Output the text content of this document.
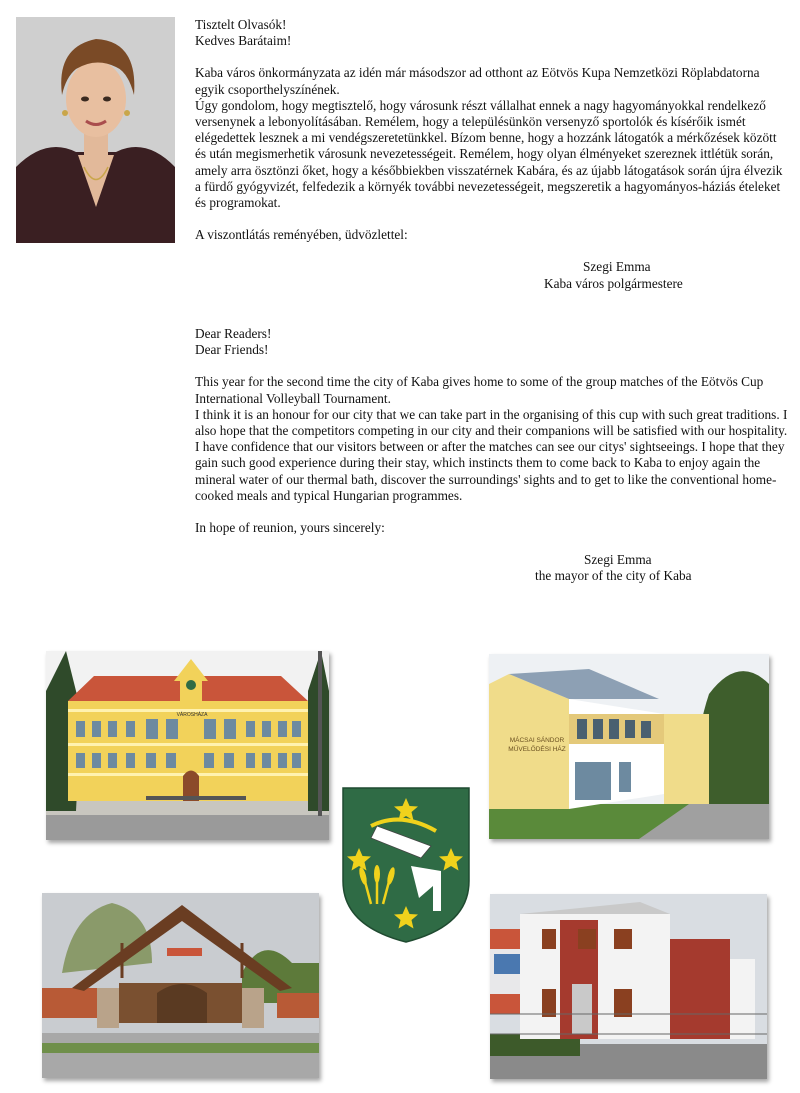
Tisztelt Olvasók!

Kedves Barátaim!

Kaba város önkormányzata az idén már másodszor ad otthont az Eötvös Kupa Nemzetközi Röplabdatorna egyik csoporthelyszínének.

Úgy gondolom, hogy megtisztelő, hogy városunk részt vállalhat ennek a nagy hagyományokkal rendelkező versenynek a lebonyolításában. Remélem, hogy a településünkön versenyző sportolók és kísérőik ismét elégedettek lesznek a mi vendégszeretetünkkel. Bízom benne, hogy a hozzánk látogatók a mérkőzések között és után megismerhetik városunk nevezetességeit. Remélem, hogy olyan élményeket szereznek ittlétük során, amely arra ösztönzi őket, hogy a későbbiekben visszatérnek Kabára, és az újabb látogatások során újra élvezik a fürdő gyógyvizét, felfedezik a környék további nevezetességeit, megszeretik a hagyományos-háziás ételeket és programokat.

A viszontlátás reményében, üdvözlettel:

Szegi Emma

Kaba város polgármestere

Dear Readers!

Dear Friends!

This year for the second time the city of Kaba gives home to some of the group matches of the Eötvös Cup International Volleyball Tournament.

I think it is an honour for our city that we can take part in the organising of this cup with such great traditions. I also hope that the competitors competing in our city and their companions will be satisfied with our hospitality. I have confidence that our visitors between or after the matches can see our citys' sightseeings. I hope that they gain such good experience during their stay, which instincts them to come back to Kaba to enjoy again the mineral water of our thermal bath, discover the surroundings' sights and to get to like the conventional home-cooked meals and typical Hungarian programmes.

In hope of reunion, yours sincerely:

Szegi Emma

the mayor of the city of Kaba

VÁROSHÁZA
MÁCSAI SÁNDOR
MŰVELŐDÉSI HÁZ
